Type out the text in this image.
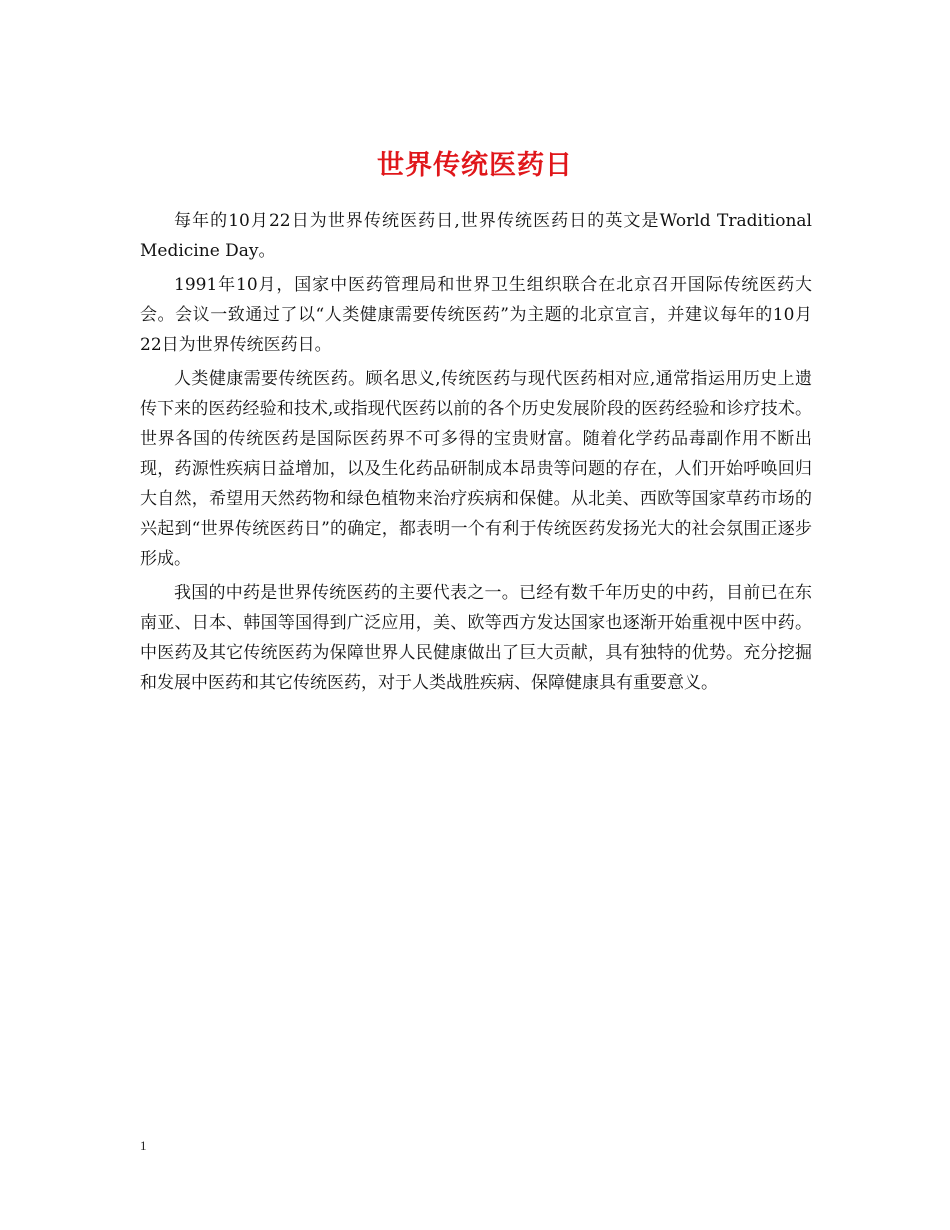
世界传统医药日

每年的10月22日为世界传统医药日,世界传统医药日的英文是World Traditional Medicine Day。

1991年10月，国家中医药管理局和世界卫生组织联合在北京召开国际传统医药大会。会议一致通过了以“人类健康需要传统医药”为主题的北京宣言，并建议每年的10月22日为世界传统医药日。

人类健康需要传统医药。顾名思义,传统医药与现代医药相对应,通常指运用历史上遗传下来的医药经验和技术,或指现代医药以前的各个历史发展阶段的医药经验和诊疗技术。世界各国的传统医药是国际医药界不可多得的宝贵财富。随着化学药品毒副作用不断出现，药源性疾病日益增加，以及生化药品研制成本昂贵等问题的存在，人们开始呼唤回归大自然，希望用天然药物和绿色植物来治疗疾病和保健。从北美、西欧等国家草药市场的兴起到“世界传统医药日”的确定，都表明一个有利于传统医药发扬光大的社会氛围正逐步形成。

我国的中药是世界传统医药的主要代表之一。已经有数千年历史的中药，目前已在东南亚、日本、韩国等国得到广泛应用，美、欧等西方发达国家也逐渐开始重视中医中药。中医药及其它传统医药为保障世界人民健康做出了巨大贡献，具有独特的优势。充分挖掘和发展中医药和其它传统医药，对于人类战胜疾病、保障健康具有重要意义。

1
